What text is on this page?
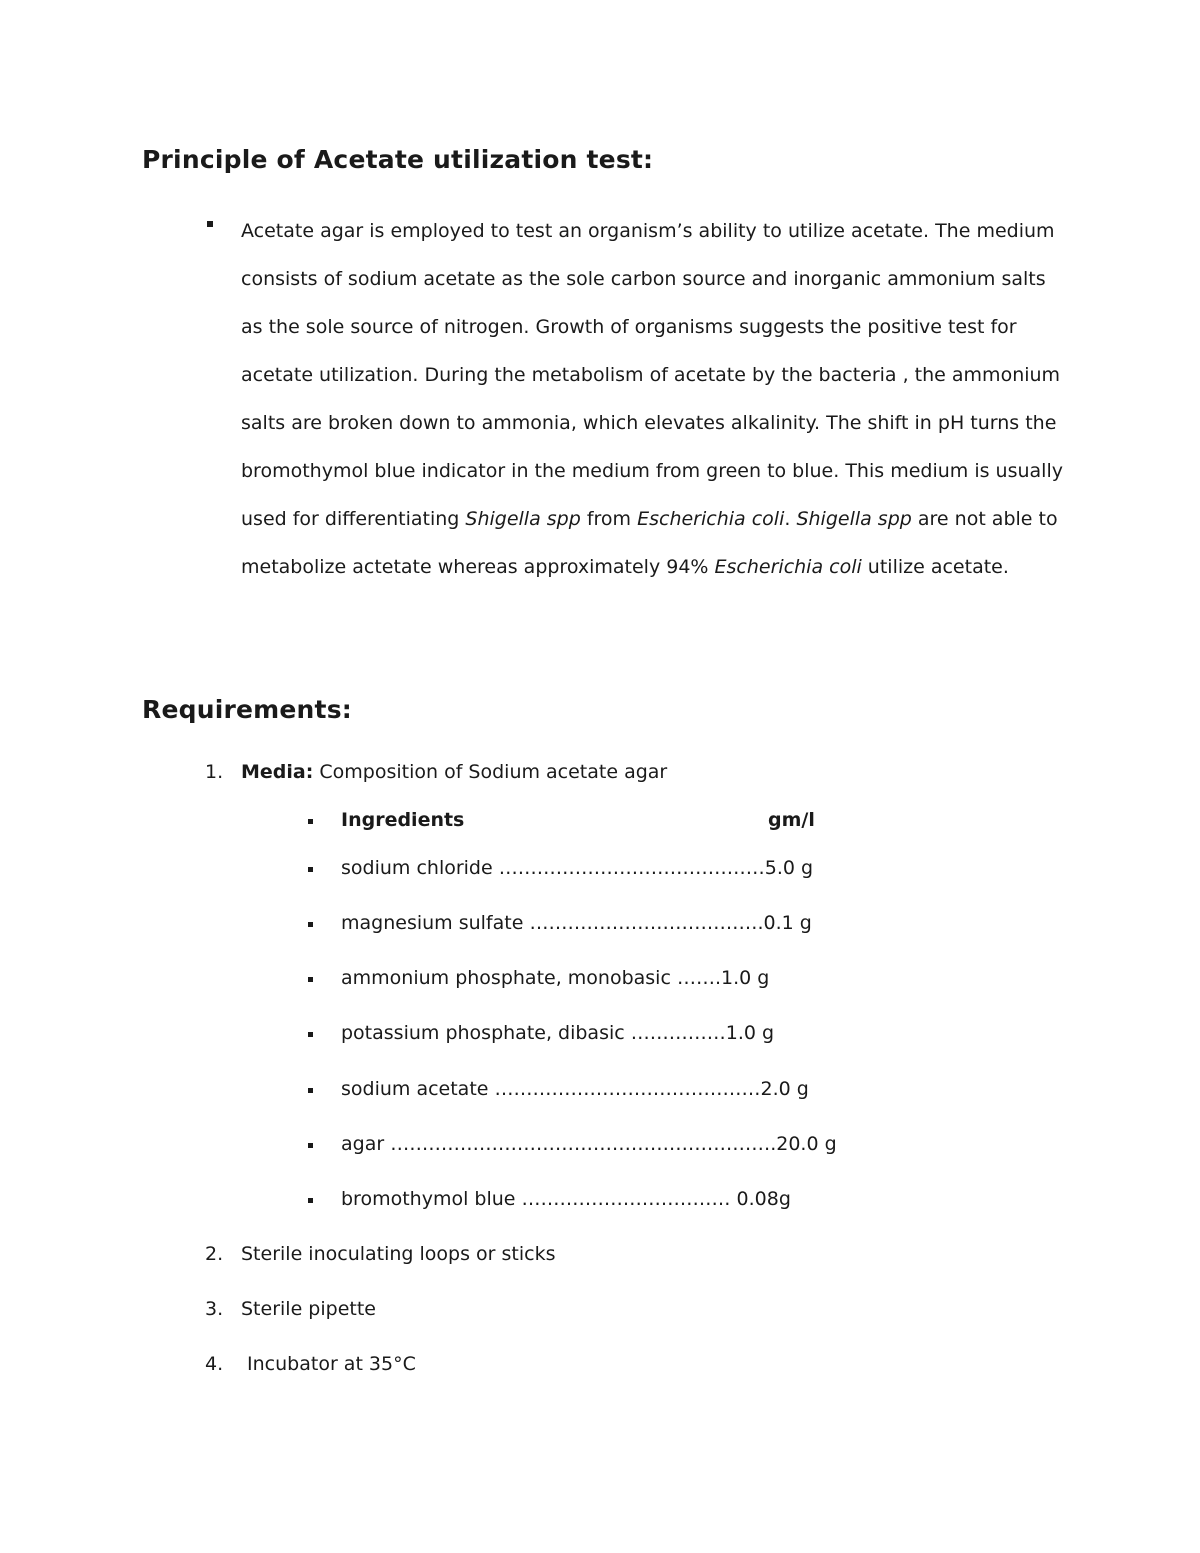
Principle of Acetate utilization test:

Acetate agar is employed to test an organism’s ability to utilize acetate. The medium consists of sodium acetate as the sole carbon source and inorganic ammonium salts as the sole source of nitrogen. Growth of organisms suggests the positive test for acetate utilization. During the metabolism of acetate by the bacteria , the ammonium salts are broken down to ammonia, which elevates alkalinity. The shift in pH turns the bromothymol blue indicator in the medium from green to blue. This medium is usually used for differentiating Shigella spp from Escherichia coli. Shigella spp are not able to metabolize actetate whereas approximately 94% Escherichia coli utilize acetate.

Requirements:
1. Media: Composition of Sodium acetate agar
Ingredients	gm/l
sodium chloride ……………………………………5.0 g
magnesium sulfate ……………………………….0.1 g
ammonium phosphate, monobasic …….1.0 g
potassium phosphate, dibasic ……………1.0 g
sodium acetate ……………………………………2.0 g
agar …………………………………………………….20.0 g
bromothymol blue …………………………… 0.08g
2. Sterile inoculating loops or sticks
3. Sterile pipette
4. Incubator at 35°C
